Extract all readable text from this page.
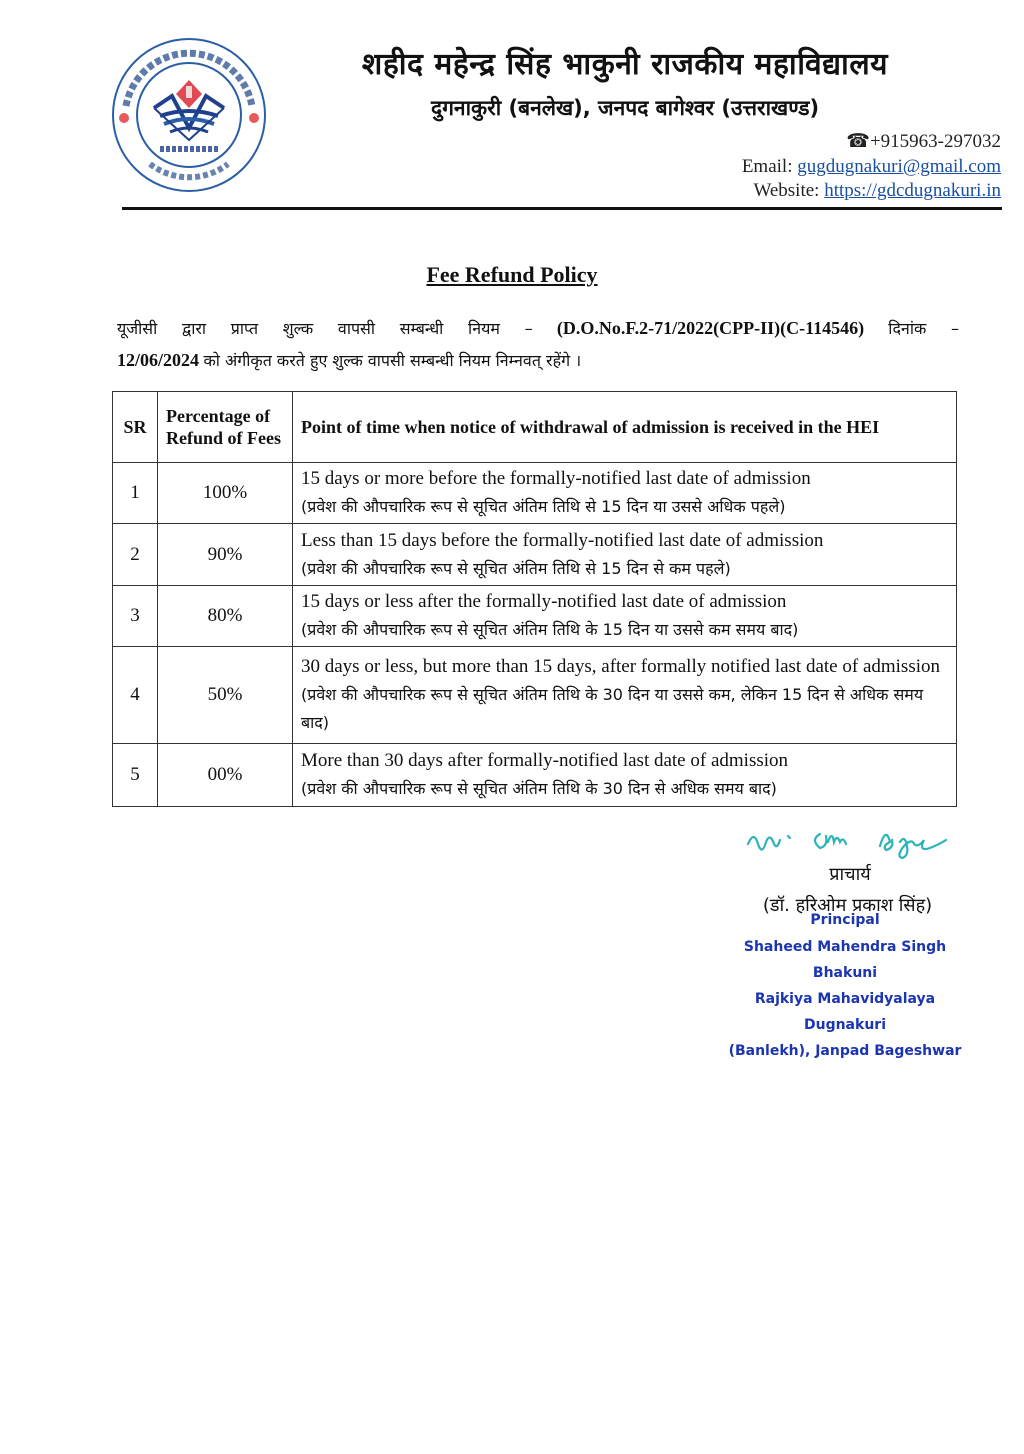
शहीद महेन्द्र सिंह भाकुनी राजकीय महाविद्यालय
दुगनाकुरी (बनलेख), जनपद बागेश्वर (उत्तराखण्ड)
☎+915963-297032
Email: gugdugnakuri@gmail.com
Website: https://gdcdugnakuri.in
Fee Refund Policy
यूजीसी द्वारा प्राप्त शुल्क वापसी सम्बन्धी नियम – (D.O.No.F.2-71/2022(CPP-II)(C-114546) दिनांक –
12/06/2024 को अंगीकृत करते हुए शुल्क वापसी सम्बन्धी नियम निम्नवत् रहेंगे ।
SR	Percentage of Refund of Fees	Point of time when notice of withdrawal of admission is received in the HEI
1	100%	15 days or more before the formally-notified last date of admission
(प्रवेश की औपचारिक रूप से सूचित अंतिम तिथि से 15 दिन या उससे अधिक पहले)

2	90%	Less than 15 days before the formally-notified last date of admission
(प्रवेश की औपचारिक रूप से सूचित अंतिम तिथि से 15 दिन से कम पहले)

3	80%	15 days or less after the formally-notified last date of admission
(प्रवेश की औपचारिक रूप से सूचित अंतिम तिथि के 15 दिन या उससे कम समय बाद)

4	50%	30 days or less, but more than 15 days, after formally notified last date of admission (प्रवेश की औपचारिक रूप से सूचित अंतिम तिथि के 30 दिन या उससे कम, लेकिन 15 दिन से अधिक समय बाद)
5	00%	More than 30 days after formally-notified last date of admission
(प्रवेश की औपचारिक रूप से सूचित अंतिम तिथि के 30 दिन से अधिक समय बाद)
प्राचार्य
(डॉ. हरिओम प्रकाश सिंह)
Principal
Shaheed Mahendra Singh Bhakuni
Rajkiya Mahavidyalaya Dugnakuri
(Banlekh), Janpad Bageshwar
